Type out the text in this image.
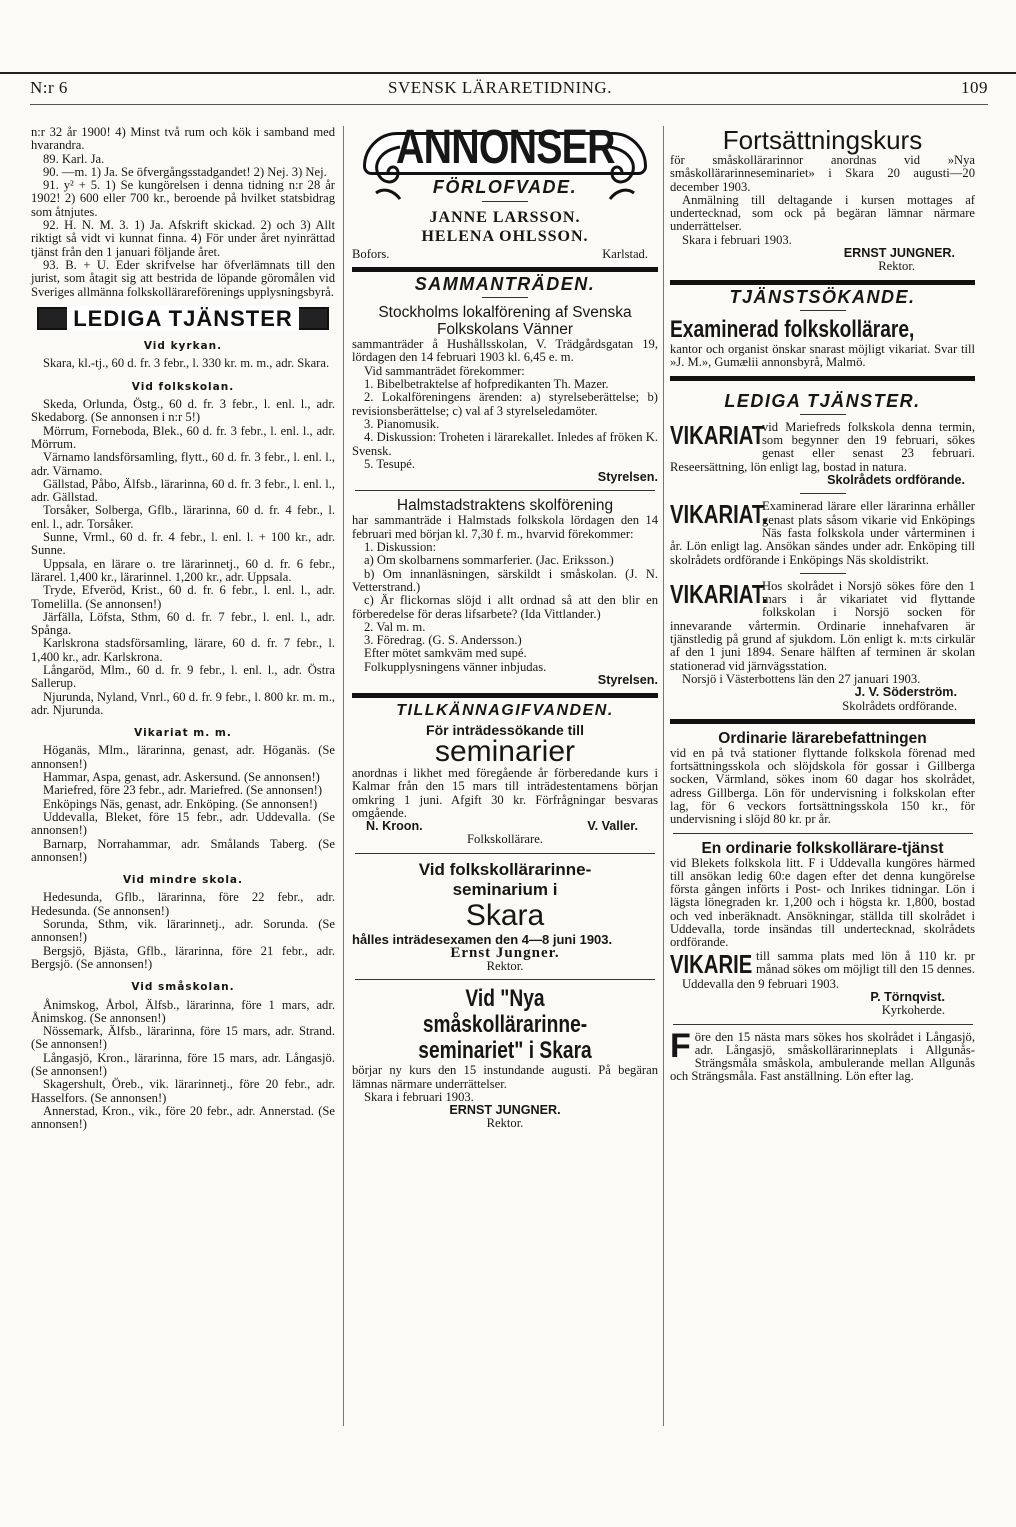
N:r 6	SVENSK LÄRARETIDNING.	109

n:r 32 år 1900! 4) Minst två rum och kök i samband med hvarandra.

89. Karl. Ja.

90. —m. 1) Ja. Se öfvergångsstadgandet! 2) Nej. 3) Nej.

91. y² + 5. 1) Se kungörelsen i denna tidning n:r 28 år 1902! 2) 600 eller 700 kr., beroende på hvilket statsbidrag som åtnjutes.

92. H. N. M. 3. 1) Ja. Afskrift skickad. 2) och 3) Allt riktigt så vidt vi kunnat finna. 4) För under året nyinrättad tjänst från den 1 januari följande året.

93. B. + U. Eder skrifvelse har öfverlämnats till den jurist, som åtagit sig att bestrida de löpande göromålen vid Sveriges allmänna folkskollärareförenings upplysningsbyrå.

LEDIGA TJÄNSTER
Vid kyrkan.

Skara, kl.-tj., 60 d. fr. 3 febr., l. 330 kr. m. m., adr. Skara.

Vid folkskolan.

Skeda, Orlunda, Östg., 60 d. fr. 3 febr., l. enl. l., adr. Skedaborg. (Se annonsen i n:r 5!)

Mörrum, Forneboda, Blek., 60 d. fr. 3 febr., l. enl. l., adr. Mörrum.

Värnamo landsförsamling, flytt., 60 d. fr. 3 febr., l. enl. l., adr. Värnamo.

Gällstad, Påbo, Älfsb., lärarinna, 60 d. fr. 3 febr., l. enl. l., adr. Gällstad.

Torsåker, Solberga, Gflb., lärarinna, 60 d. fr. 4 febr., l. enl. l., adr. Torsåker.

Sunne, Vrml., 60 d. fr. 4 febr., l. enl. l. + 100 kr., adr. Sunne.

Uppsala, en lärare o. tre lärarinnetj., 60 d. fr. 6 febr., lärarel. 1,400 kr., lärarinnel. 1,200 kr., adr. Uppsala.

Tryde, Efveröd, Krist., 60 d. fr. 6 febr., l. enl. l., adr. Tomelilla. (Se annonsen!)

Järfälla, Löfsta, Sthm, 60 d. fr. 7 febr., l. enl. l., adr. Spånga.

Karlskrona stadsförsamling, lärare, 60 d. fr. 7 febr., l. 1,400 kr., adr. Karlskrona.

Långaröd, Mlm., 60 d. fr. 9 febr., l. enl. l., adr. Östra Sallerup.

Njurunda, Nyland, Vnrl., 60 d. fr. 9 febr., l. 800 kr. m. m., adr. Njurunda.

Vikariat m. m.

Höganäs, Mlm., lärarinna, genast, adr. Höganäs. (Se annonsen!)

Hammar, Aspa, genast, adr. Askersund. (Se annonsen!)

Mariefred, före 23 febr., adr. Mariefred. (Se annonsen!)

Enköpings Näs, genast, adr. Enköping. (Se annonsen!)

Uddevalla, Bleket, före 15 febr., adr. Uddevalla. (Se annonsen!)

Barnarp, Norrahammar, adr. Smålands Taberg. (Se annonsen!)

Vid mindre skola.

Hedesunda, Gflb., lärarinna, före 22 febr., adr. Hedesunda. (Se annonsen!)

Sorunda, Sthm, vik. lärarinnetj., adr. Sorunda. (Se annonsen!)

Bergsjö, Bjästa, Gflb., lärarinna, före 21 febr., adr. Bergsjö. (Se annonsen!)

Vid småskolan.

Ånimskog, Årbol, Älfsb., lärarinna, före 1 mars, adr. Ånimskog. (Se annonsen!)

Nössemark, Älfsb., lärarinna, före 15 mars, adr. Strand. (Se annonsen!)

Långasjö, Kron., lärarinna, före 15 mars, adr. Långasjö. (Se annonsen!)

Skagershult, Öreb., vik. lärarinnetj., före 20 febr., adr. Hasselfors. (Se annonsen!)

Annerstad, Kron., vik., före 20 febr., adr. Annerstad. (Se annonsen!)

ANNONSER
FÖRLOFVADE.
JANNE LARSSON.
HELENA OHLSSON.
Bofors.	Karlstad.
SAMMANTRÄDEN.
Stockholms lokalförening af Svenska Folkskolans Vänner

sammanträder å Hushållsskolan, V. Trädgårdsgatan 19, lördagen den 14 februari 1903 kl. 6,45 e. m.

Vid sammanträdet förekommer:

1. Bibelbetraktelse af hofpredikanten Th. Mazer.

2. Lokalföreningens ärenden: a) styrelseberättelse; b) revisionsberättelse; c) val af 3 styrelseledamöter.

3. Pianomusik.

4. Diskussion: Troheten i lärarekallet. Inledes af fröken K. Svensk.

5. Tesupé.

Styrelsen.

Halmstadstraktens skolförening

har sammanträde i Halmstads folkskola lördagen den 14 februari med början kl. 7,30 f. m., hvarvid förekommer:

1. Diskussion:

a) Om skolbarnens sommarferier. (Jac. Eriksson.)

b) Om innanläsningen, särskildt i småskolan. (J. N. Vetterstrand.)

c) Är flickornas slöjd i allt ordnad så att den blir en förberedelse för deras lifsarbete? (Ida Vittlander.)

2. Val m. m.

3. Föredrag. (G. S. Andersson.)

Efter mötet samkväm med supé.

Folkupplysningens vänner inbjudas.

Styrelsen.

TILLKÄNNAGIFVANDEN.
För inträdessökande till
seminarier

anordnas i likhet med föregående år förberedande kurs i Kalmar från den 15 mars till inträdestentamens början omkring 1 juni. Afgift 30 kr. Förfrågningar besvaras omgående.

N. Kroon.	V. Valler.

Folkskollärare.

Vid folkskollärarinne-
seminarium i
Skara

hålles inträdesexamen den 4—8 juni 1903.

Ernst Jungner.

Rektor.

Vid "Nya småskollärarinne-seminariet" i Skara

börjar ny kurs den 15 instundande augusti. På begäran lämnas närmare underrättelser.

Skara i februari 1903.

ERNST JUNGNER.

Rektor.

Fortsättningskurs

för småskollärarinnor anordnas vid »Nya småskollärarinneseminariet» i Skara 20 augusti—20 december 1903.

Anmälning till deltagande i kursen mottages af undertecknad, som ock på begäran lämnar närmare underrättelser.

Skara i februari 1903.

ERNST JUNGNER.

Rektor.

TJÄNSTSÖKANDE.
Examinerad folkskollärare,

kantor och organist önskar snarast möjligt vikariat. Svar till »J. M.», Gumælii annonsbyrå, Malmö.

LEDIGA TJÄNSTER.
VIKARIAT

vid Mariefreds folkskola denna termin, som begynner den 19 februari, sökes genast eller senast 23 februari. Reseersättning, lön enligt lag, bostad in natura.

Skolrådets ordförande.

VIKARIAT.

Examinerad lärare eller lärarinna erhåller genast plats såsom vikarie vid Enköpings Näs fasta folkskola under vårterminen i år. Lön enligt lag. Ansökan sändes under adr. Enköping till skolrådets ordförande i Enköpings Näs skoldistrikt.

VIKARIAT.

Hos skolrådet i Norsjö sökes före den 1 mars i år vikariatet vid flyttande folkskolan i Norsjö socken för innevarande vårtermin. Ordinarie innehafvaren är tjänstledig på grund af sjukdom. Lön enligt k. m:ts cirkulär af den 1 juni 1894. Senare hälften af terminen är skolan stationerad vid järnvägsstation.

Norsjö i Västerbottens län den 27 januari 1903.

J. V. Söderström.

Skolrådets ordförande.

Ordinarie lärarebefattningen

vid en på två stationer flyttande folkskola förenad med fortsättningsskola och slöjdskola för gossar i Gillberga socken, Värmland, sökes inom 60 dagar hos skolrådet, adress Gillberga. Lön för undervisning i folkskolan efter lag, för 6 veckors fortsättningsskola 150 kr., för undervisning i slöjd 80 kr. pr år.

En ordinarie folkskollärare-tjänst

vid Blekets folkskola litt. F i Uddevalla kungöres härmed till ansökan ledig 60:e dagen efter det denna kungörelse första gången införts i Post- och Inrikes tidningar. Lön i lägsta lönegraden kr. 1,200 och i högsta kr. 1,800, bostad och ved inberäknadt. Ansökningar, ställda till skolrådet i Uddevalla, torde insändas till undertecknad, skolrådets ordförande.

VIKARIE till samma plats med lön å 110 kr. pr månad sökes om möjligt till den 15 dennes.

Uddevalla den 9 februari 1903.

P. Törnqvist.

Kyrkoherde.

F öre den 15 nästa mars sökes hos skolrådet i Långasjö, adr. Långasjö, småskollärarinneplats i Allgunås-Strängsmåla småskola, ambulerande mellan Allgunås och Strängsmåla. Fast anställning. Lön efter lag.
